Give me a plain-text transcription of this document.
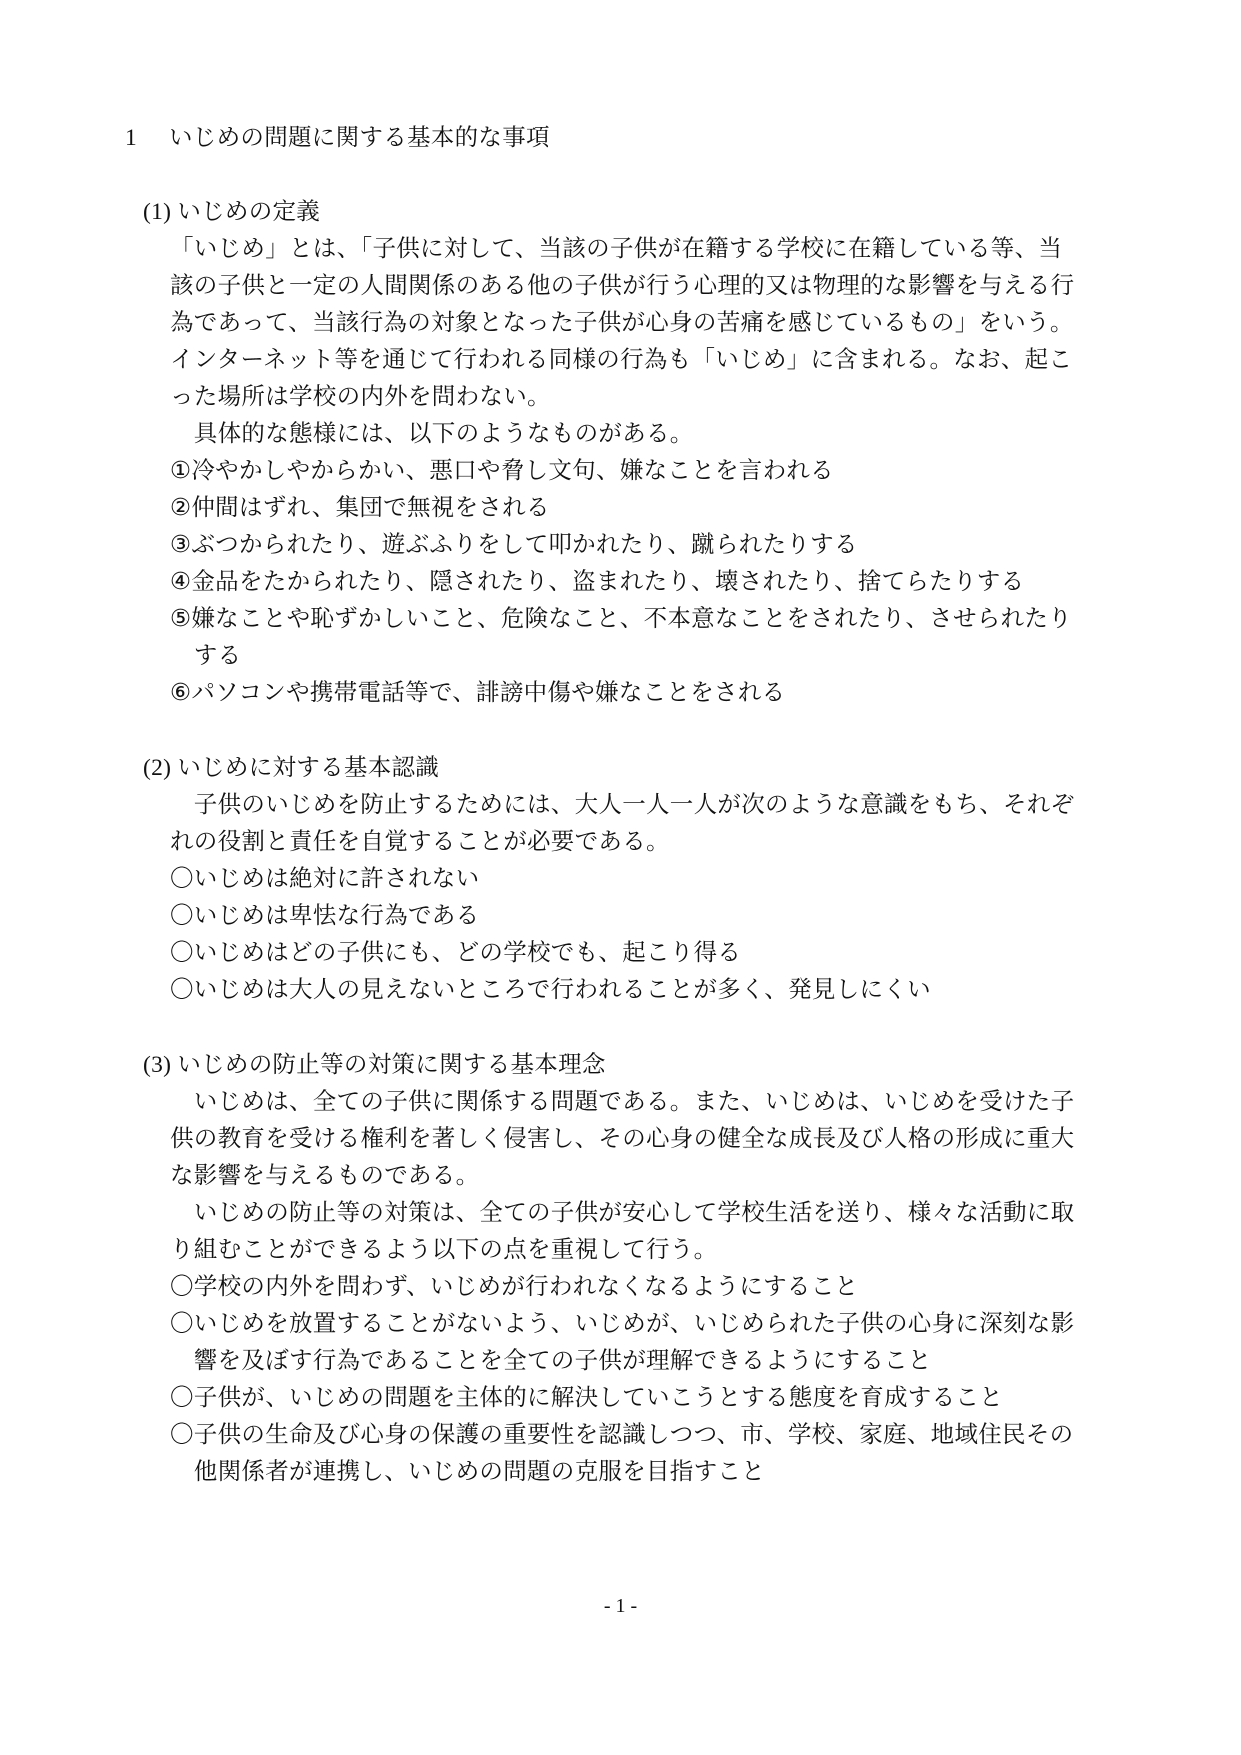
1 いじめの問題に関する基本的な事項
(1) いじめの定義
「いじめ」とは、「子供に対して、当該の子供が在籍する学校に在籍している等、当
該の子供と一定の人間関係のある他の子供が行う心理的又は物理的な影響を与える行
為であって、当該行為の対象となった子供が心身の苦痛を感じているもの」をいう。
インターネット等を通じて行われる同様の行為も「いじめ」に含まれる。なお、起こ
った場所は学校の内外を問わない。
　具体的な態様には、以下のようなものがある。
①冷やかしやからかい、悪口や脅し文句、嫌なことを言われる
②仲間はずれ、集団で無視をされる
③ぶつかられたり、遊ぶふりをして叩かれたり、蹴られたりする
④金品をたかられたり、隠されたり、盗まれたり、壊されたり、捨てらたりする
⑤嫌なことや恥ずかしいこと、危険なこと、不本意なことをされたり、させられたり
　する
⑥パソコンや携帯電話等で、誹謗中傷や嫌なことをされる
(2) いじめに対する基本認識
　子供のいじめを防止するためには、大人一人一人が次のような意識をもち、それぞ
れの役割と責任を自覚することが必要である。
〇いじめは絶対に許されない
〇いじめは卑怯な行為である
〇いじめはどの子供にも、どの学校でも、起こり得る
〇いじめは大人の見えないところで行われることが多く、発見しにくい
(3) いじめの防止等の対策に関する基本理念
　いじめは、全ての子供に関係する問題である。また、いじめは、いじめを受けた子
供の教育を受ける権利を著しく侵害し、その心身の健全な成長及び人格の形成に重大
な影響を与えるものである。
　いじめの防止等の対策は、全ての子供が安心して学校生活を送り、様々な活動に取
り組むことができるよう以下の点を重視して行う。
〇学校の内外を問わず、いじめが行われなくなるようにすること
〇いじめを放置することがないよう、いじめが、いじめられた子供の心身に深刻な影
　響を及ぼす行為であることを全ての子供が理解できるようにすること
〇子供が、いじめの問題を主体的に解決していこうとする態度を育成すること
〇子供の生命及び心身の保護の重要性を認識しつつ、市、学校、家庭、地域住民その
　他関係者が連携し、いじめの問題の克服を目指すこと
- 1 -
